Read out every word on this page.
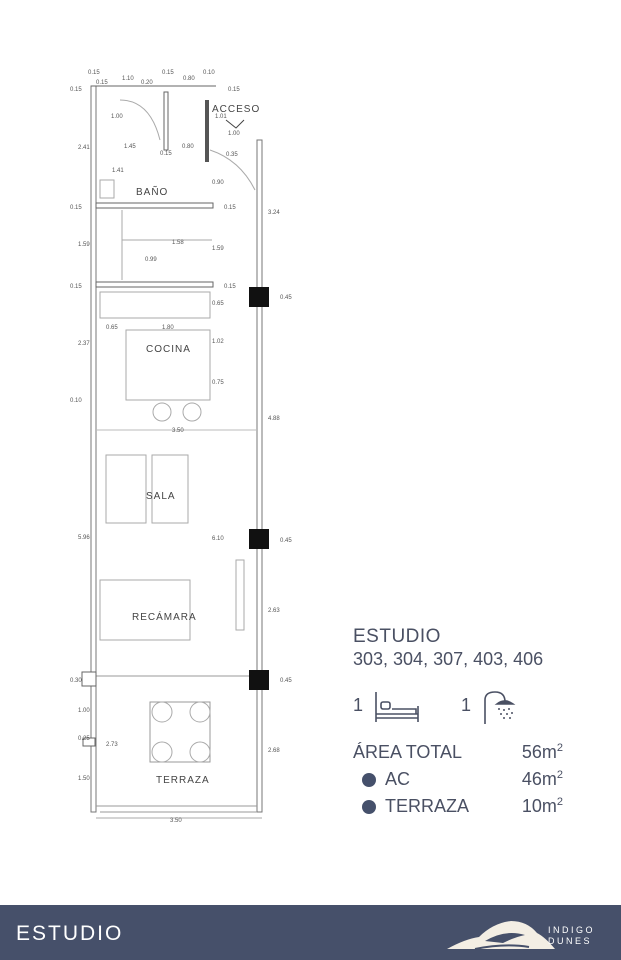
ACCESO
BAÑO
COCINA
SALA
RECÁMARA
TERRAZA
0.15
2.41
0.15
1.59
0.15
2.37
0.10
5.96
0.30
1.00
0.25
2.73
1.50
0.15
0.15
1.10
0.20
0.15
0.80
0.10
0.15
1.00	1.01
1.00
1.45	0.80
0.15	0.35
1.41
0.90
0.15
1.58
1.59
0.99
0.15
0.65
0.65	1.80
1.02
0.75
3.50
6.10
3.24
0.45
4.88
0.45
2.63
0.45
2.68
3.50
ESTUDIO
303, 304, 307, 403, 406
1	1
ÁREA TOTAL	$56m^2$
AC	$46m^2$
TERRAZA	$10m^2$
ESTUDIO	INDIGO
DUNES
